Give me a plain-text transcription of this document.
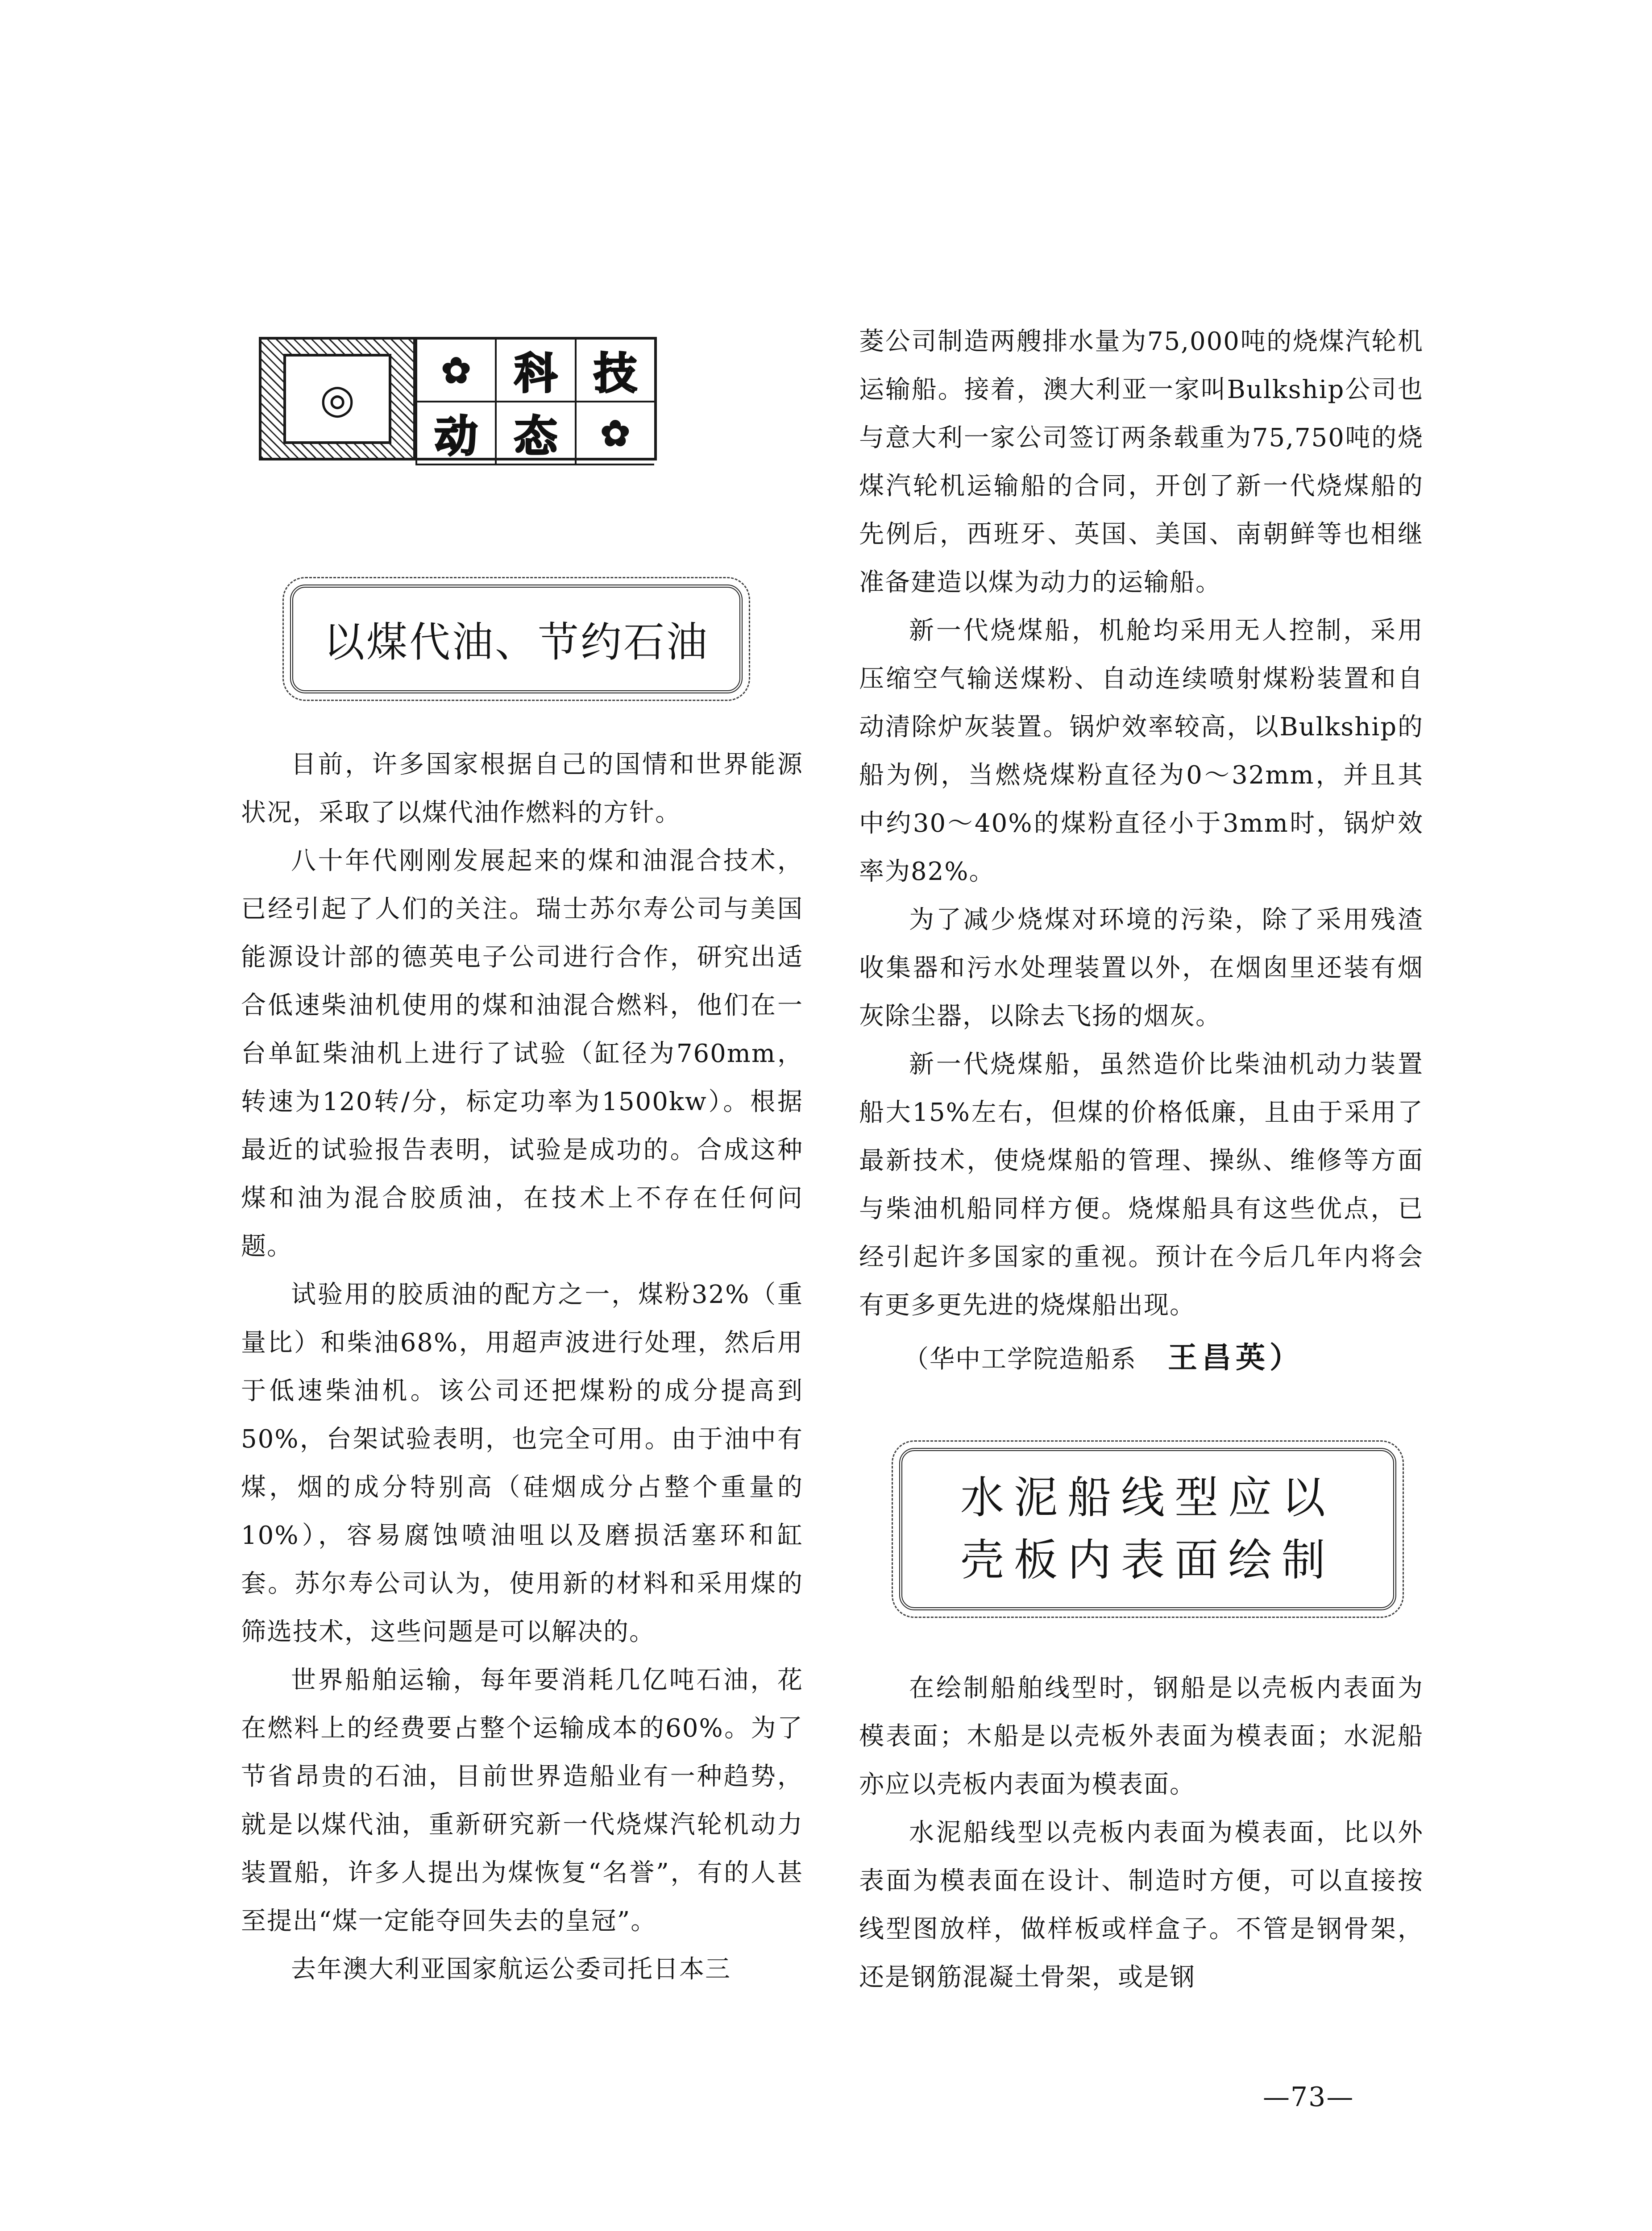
◎
✿	科 技
动 态	✿
以煤代油、节约石油

目前，许多国家根据自己的国情和世界能源状况，采取了以煤代油作燃料的方针。

八十年代刚刚发展起来的煤和油混合技术，已经引起了人们的关注。瑞士苏尔寿公司与美国能源设计部的德英电子公司进行合作，研究出适合低速柴油机使用的煤和油混合燃料，他们在一台单缸柴油机上进行了试验（缸径为760mm，转速为120转/分，标定功率为1500kw）。根据最近的试验报告表明，试验是成功的。合成这种煤和油为混合胶质油，在技术上不存在任何问题。

试验用的胶质油的配方之一，煤粉32%（重量比）和柴油68%，用超声波进行处理，然后用于低速柴油机。该公司还把煤粉的成分提高到50%，台架试验表明，也完全可用。由于油中有煤，烟的成分特别高（硅烟成分占整个重量的10%），容易腐蚀喷油咀以及磨损活塞环和缸套。苏尔寿公司认为，使用新的材料和采用煤的筛选技术，这些问题是可以解决的。

世界船舶运输，每年要消耗几亿吨石油，花在燃料上的经费要占整个运输成本的60%。为了节省昂贵的石油，目前世界造船业有一种趋势，就是以煤代油，重新研究新一代烧煤汽轮机动力装置船，许多人提出为煤恢复“名誉”，有的人甚至提出“煤一定能夺回失去的皇冠”。

去年澳大利亚国家航运公委司托日本三

菱公司制造两艘排水量为75,000吨的烧煤汽轮机运输船。接着，澳大利亚一家叫Bulkship公司也与意大利一家公司签订两条载重为75,750吨的烧煤汽轮机运输船的合同，开创了新一代烧煤船的先例后，西班牙、英国、美国、南朝鲜等也相继准备建造以煤为动力的运输船。

新一代烧煤船，机舱均采用无人控制，采用压缩空气输送煤粉、自动连续喷射煤粉装置和自动清除炉灰装置。锅炉效率较高，以Bulkship的船为例，当燃烧煤粉直径为0～32mm，并且其中约30～40%的煤粉直径小于3mm时，锅炉效率为82%。

为了减少烧煤对环境的污染，除了采用残渣收集器和污水处理装置以外，在烟囱里还装有烟灰除尘器，以除去飞扬的烟灰。

新一代烧煤船，虽然造价比柴油机动力装置船大15%左右，但煤的价格低廉，且由于采用了最新技术，使烧煤船的管理、操纵、维修等方面与柴油机船同样方便。烧煤船具有这些优点，已经引起许多国家的重视。预计在今后几年内将会有更多更先进的烧煤船出现。

（华中工学院造船系 王昌英）
水泥船线型应以
壳板内表面绘制

在绘制船舶线型时，钢船是以壳板内表面为模表面；木船是以壳板外表面为模表面；水泥船亦应以壳板内表面为模表面。

水泥船线型以壳板内表面为模表面，比以外表面为模表面在设计、制造时方便，可以直接按线型图放样，做样板或样盒子。不管是钢骨架，还是钢筋混凝土骨架，或是钢

—73—
